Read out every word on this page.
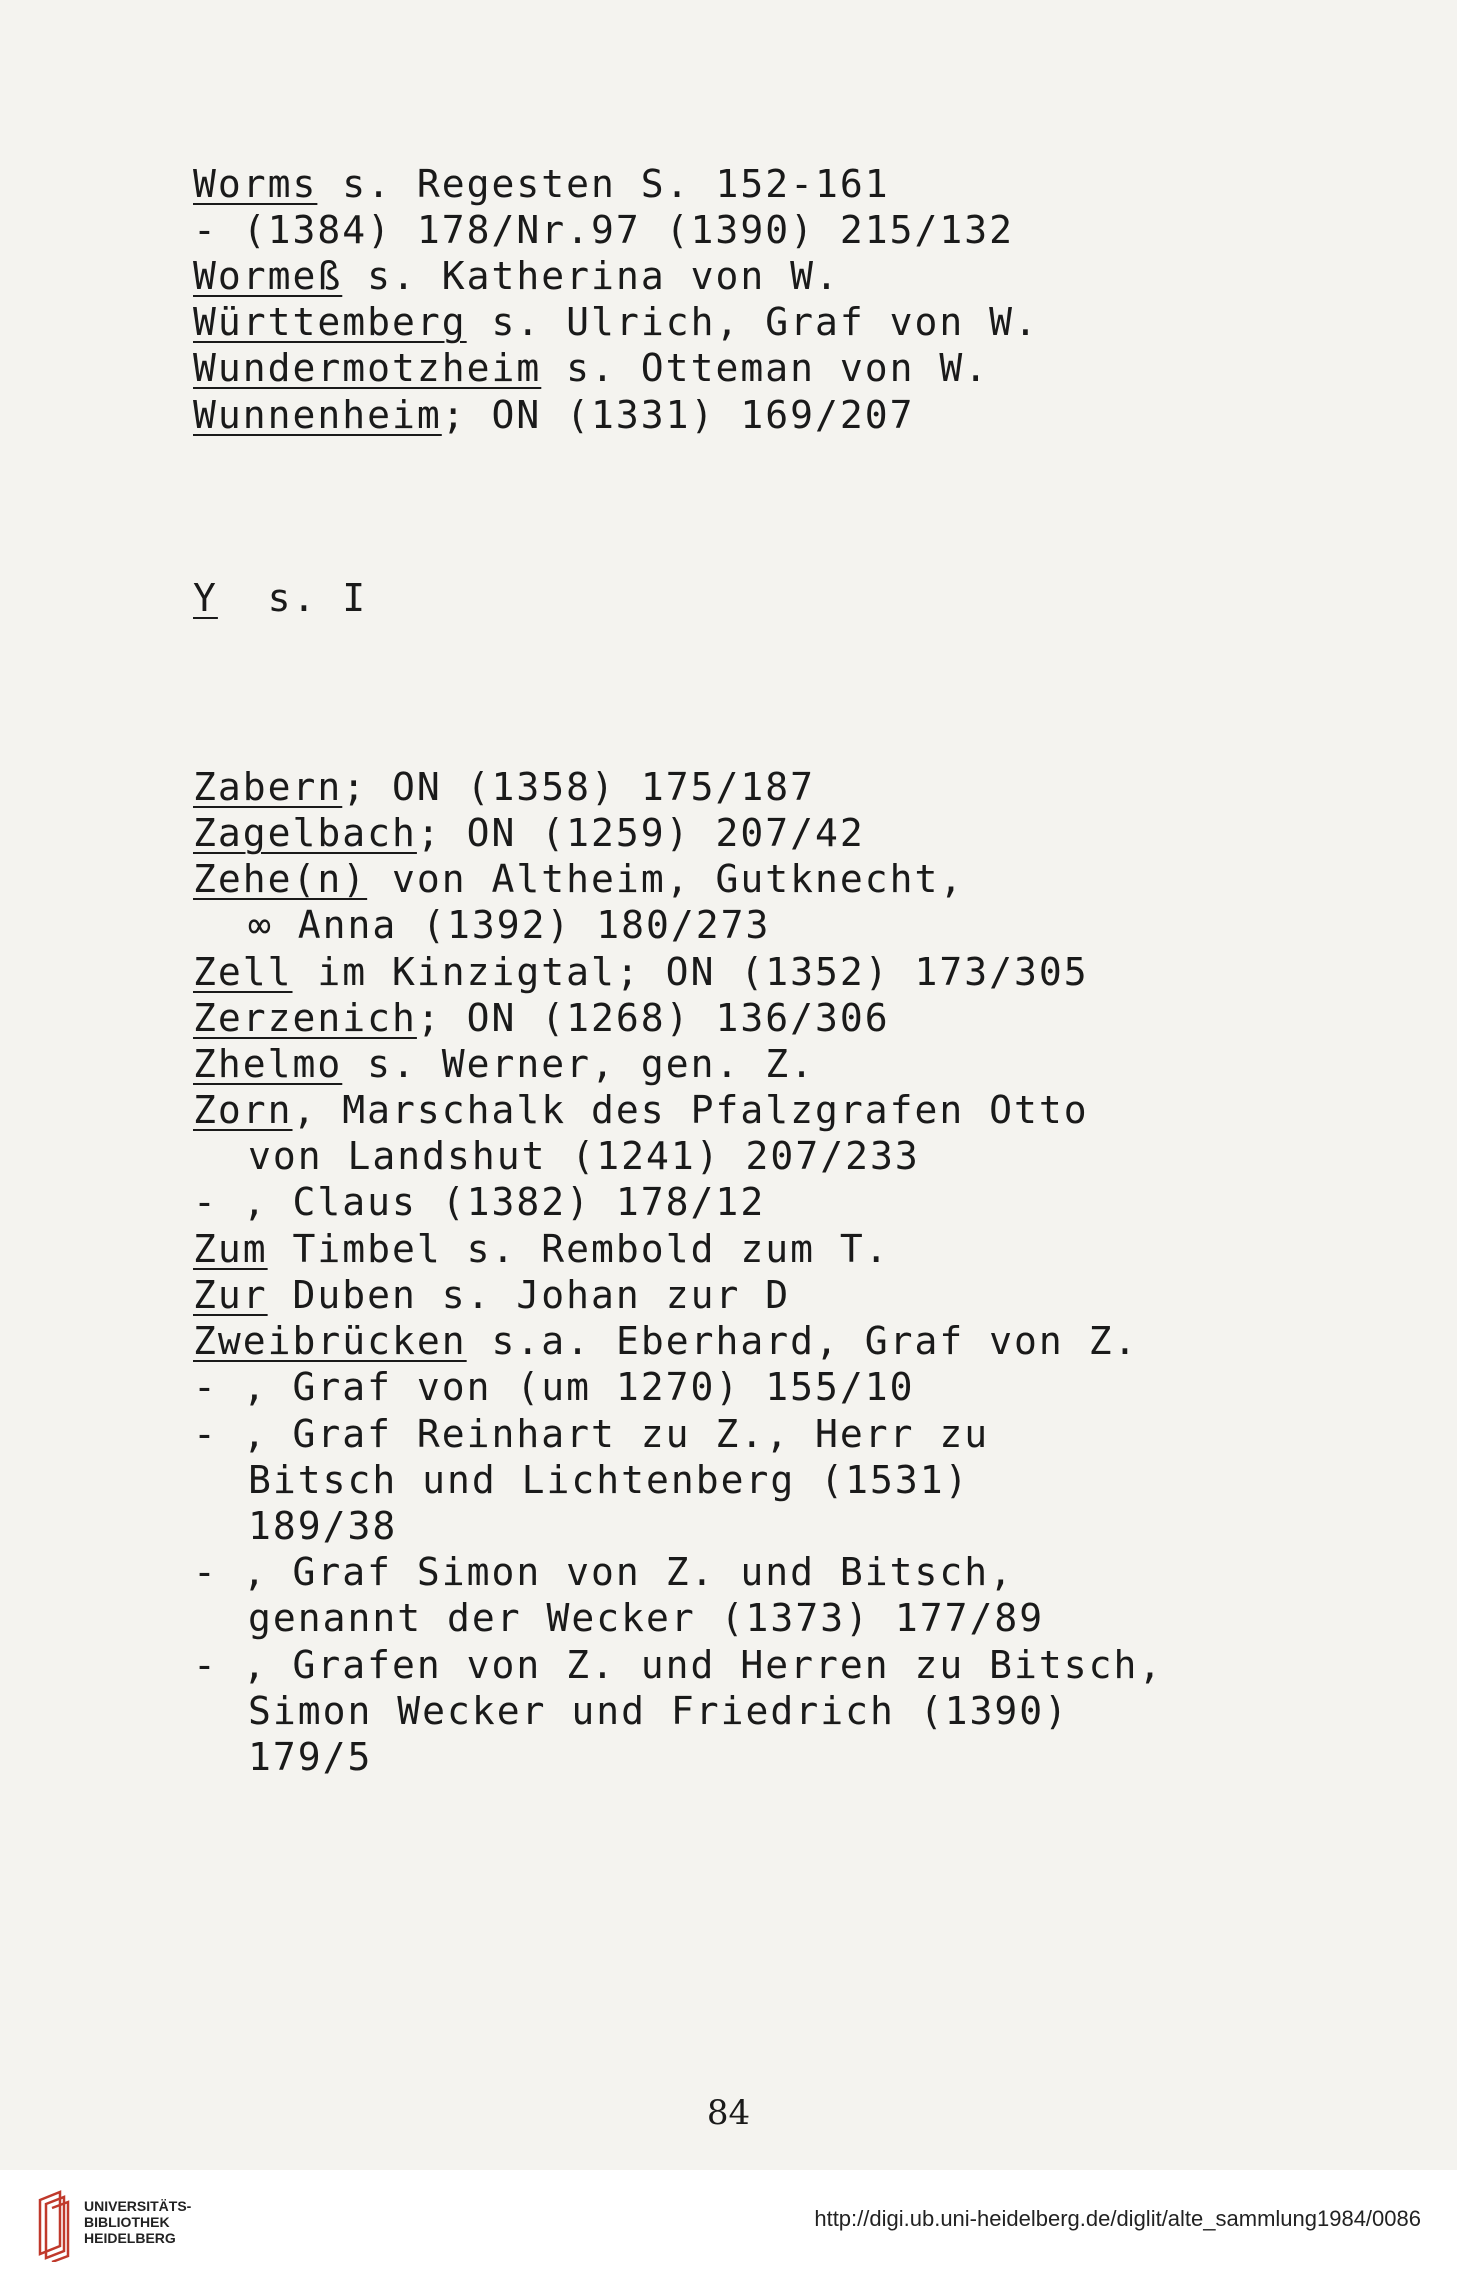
Worms s. Regesten S. 152-161
- (1384) 178/Nr.97 (1390) 215/132
Wormeß s. Katherina von W.
Württemberg s. Ulrich, Graf von W.
Wundermotzheim s. Otteman von W.
Wunnenheim; ON (1331) 169/207
Y  s. I
Zabern; ON (1358) 175/187
Zagelbach; ON (1259) 207/42
Zehe(n) von Altheim, Gutknecht,
∞ Anna (1392) 180/273
Zell im Kinzigtal; ON (1352) 173/305
Zerzenich; ON (1268) 136/306
Zhelmo s. Werner, gen. Z.
Zorn, Marschalk des Pfalzgrafen Otto
von Landshut (1241) 207/233
- , Claus (1382) 178/12
Zum Timbel s. Rembold zum T.
Zur Duben s. Johan zur D
Zweibrücken s.a. Eberhard, Graf von Z.
- , Graf von (um 1270) 155/10
- , Graf Reinhart zu Z., Herr zu
Bitsch und Lichtenberg (1531)
189/38
- , Graf Simon von Z. und Bitsch,
genannt der Wecker (1373) 177/89
- , Grafen von Z. und Herren zu Bitsch,
Simon Wecker und Friedrich (1390)
179/5
84
UNIVERSITÄTS-
BIBLIOTHEK
HEIDELBERG
http://digi.ub.uni-heidelberg.de/diglit/alte_sammlung1984/0086
